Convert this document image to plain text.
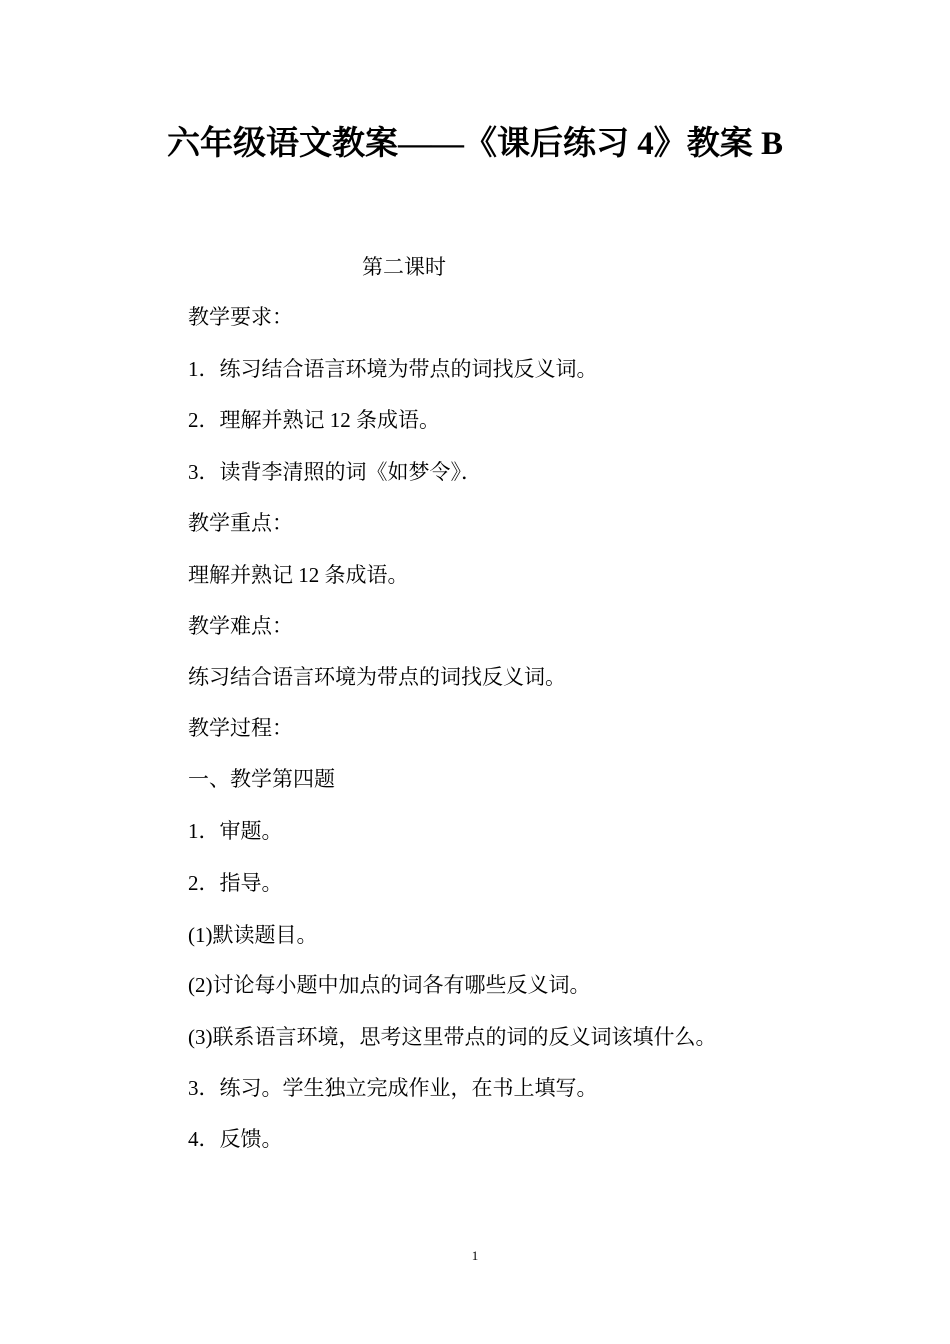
六年级语文教案——《课后练习 4》教案 B
第二课时
教学要求：
1．练习结合语言环境为带点的词找反义词。
2．理解并熟记 12 条成语。
3．读背李清照的词《如梦令》．
教学重点：
理解并熟记 12 条成语。
教学难点：
练习结合语言环境为带点的词找反义词。
教学过程：
一、教学第四题
1．审题。
2．指导。
(1)默读题目。
(2)讨论每小题中加点的词各有哪些反义词。
(3)联系语言环境，思考这里带点的词的反义词该填什么。
3．练习。学生独立完成作业，在书上填写。
4．反馈。
1
